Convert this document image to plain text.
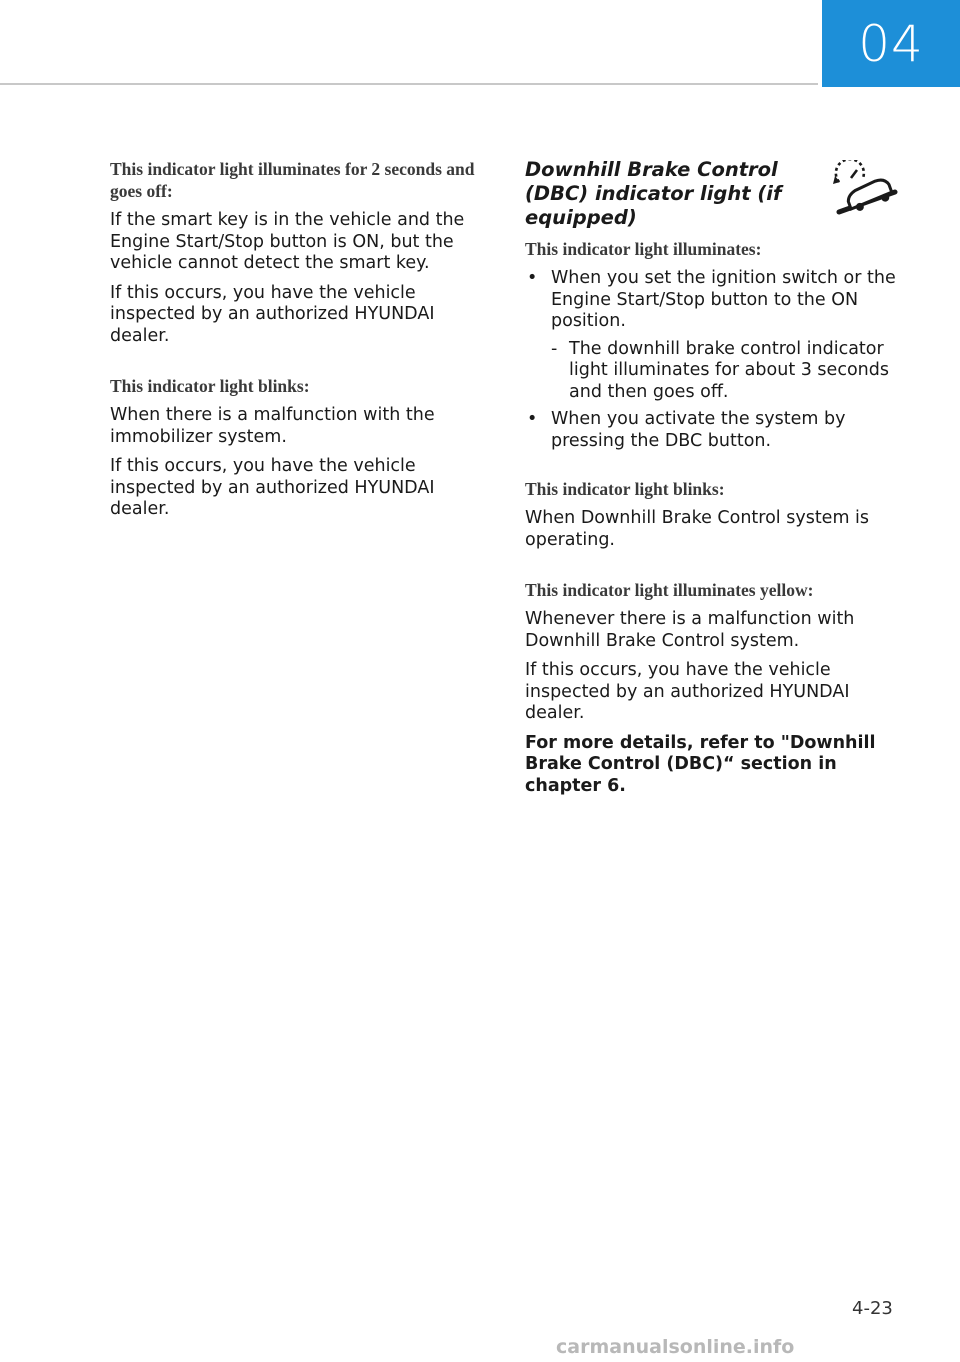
04
This indicator light illuminates for 2 seconds and goes off:
If the smart key is in the vehicle and the Engine Start/Stop button is ON, but the vehicle cannot detect the smart key.
If this occurs, you have the vehicle inspected by an authorized HYUNDAI dealer.
This indicator light blinks:
When there is a malfunction with the immobilizer system.
If this occurs, you have the vehicle inspected by an authorized HYUNDAI dealer.
Downhill Brake Control (DBC) indicator light (if equipped)
This indicator light illuminates:
• When you set the ignition switch or the Engine Start/Stop button to the ON position.
- The downhill brake control indicator light illuminates for about 3 seconds and then goes off.
• When you activate the system by pressing the DBC button.
This indicator light blinks:
When Downhill Brake Control system is operating.
This indicator light illuminates yellow:
Whenever there is a malfunction with Downhill Brake Control system.
If this occurs, you have the vehicle inspected by an authorized HYUNDAI dealer.
For more details, refer to "Downhill Brake Control (DBC)“ section in chapter 6.
4-23
carmanualsonline.info
